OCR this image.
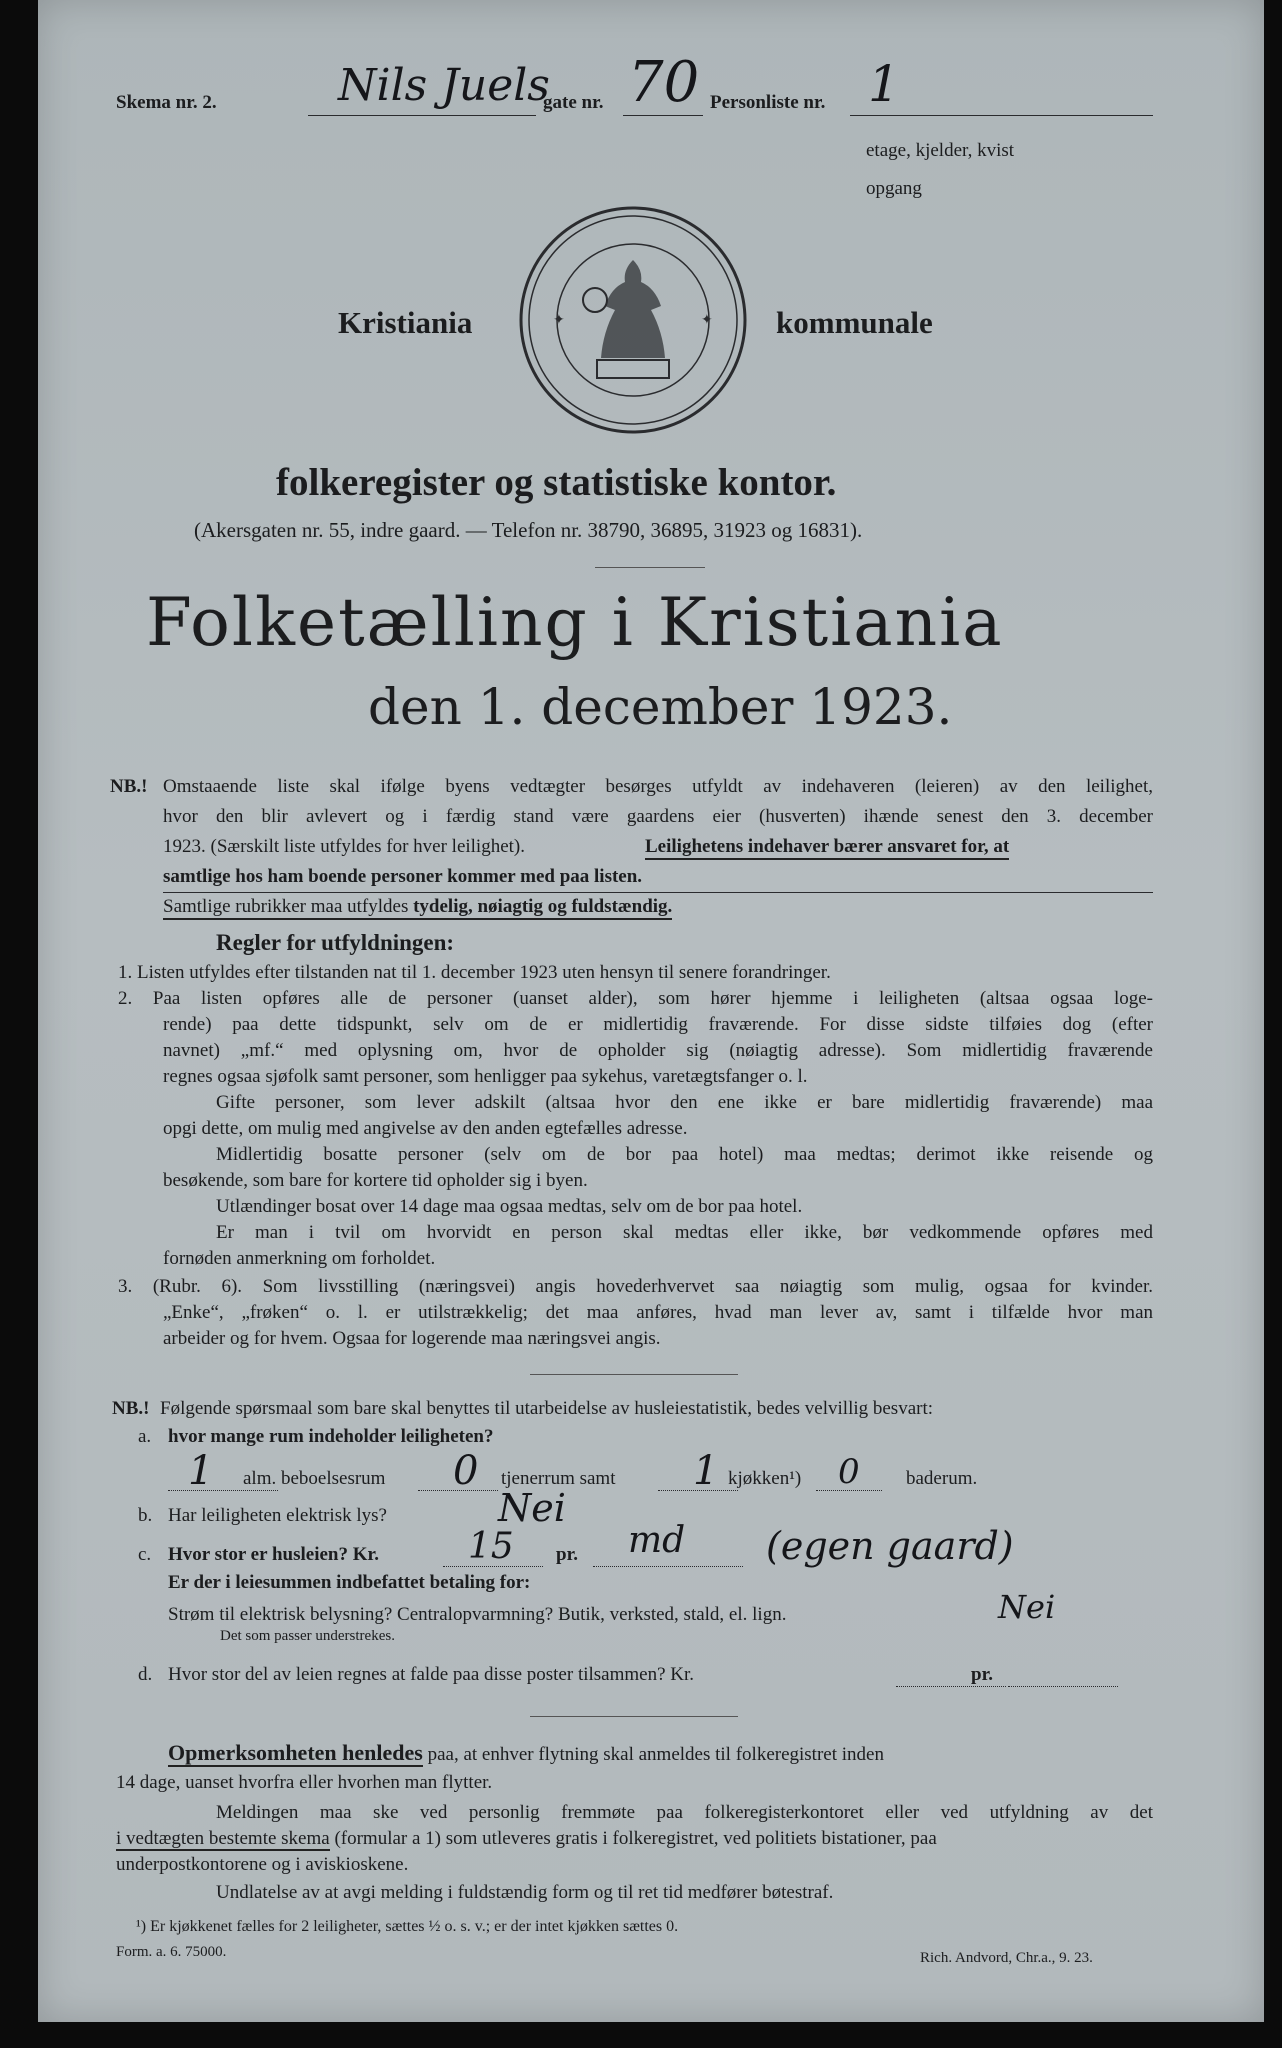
Skema nr. 2.	Nils Juels
gate nr. 70 Personliste nr. 1
etage, kjelder, kvist
opgang
✦	✦
Kristiania	kommunale
folkeregister og statistiske kontor.
(Akersgaten nr. 55, indre gaard. — Telefon nr. 38790, 36895, 31923 og 16831).
Folketælling i Kristiania
den 1. december 1923.
NB.! Omstaaende liste skal ifølge byens vedtægter besørges utfyldt av indehaveren (leieren) av den leilighet,
hvor den blir avlevert og i færdig stand være gaardens eier (husverten) ihænde senest den 3. december
1923. (Særskilt liste utfyldes for hver leilighet).	Leilighetens indehaver bærer ansvaret for, at
samtlige hos ham boende personer kommer med paa listen.
Samtlige rubrikker maa utfyldes tydelig, nøiagtig og fuldstændig.
Regler for utfyldningen:
1. Listen utfyldes efter tilstanden nat til 1. december 1923 uten hensyn til senere forandringer.
2. Paa listen opføres alle de personer (uanset alder), som hører hjemme i leiligheten (altsaa ogsaa loge-
rende) paa dette tidspunkt, selv om de er midlertidig fraværende. For disse sidste tilføies dog (efter
navnet) „mf.“ med oplysning om, hvor de opholder sig (nøiagtig adresse). Som midlertidig fraværende
regnes ogsaa sjøfolk samt personer, som henligger paa sykehus, varetægtsfanger o. l.
Gifte personer, som lever adskilt (altsaa hvor den ene ikke er bare midlertidig fraværende) maa
opgi dette, om mulig med angivelse av den anden egtefælles adresse.
Midlertidig bosatte personer (selv om de bor paa hotel) maa medtas; derimot ikke reisende og
besøkende, som bare for kortere tid opholder sig i byen.
Utlændinger bosat over 14 dage maa ogsaa medtas, selv om de bor paa hotel.
Er man i tvil om hvorvidt en person skal medtas eller ikke, bør vedkommende opføres med
fornøden anmerkning om forholdet.
3. (Rubr. 6). Som livsstilling (næringsvei) angis hovederhvervet saa nøiagtig som mulig, ogsaa for kvinder.
„Enke“, „frøken“ o. l. er utilstrækkelig; det maa anføres, hvad man lever av, samt i tilfælde hvor man
arbeider og for hvem. Ogsaa for logerende maa næringsvei angis.
NB.! Følgende spørsmaal som bare skal benyttes til utarbeidelse av husleiestatistik, bedes velvillig besvart:
a. hvor mange rum indeholder leiligheten?
1 alm. beboelsesrum 0 tjenerrum samt 1 kjøkken¹) 0 baderum.
b. Har leiligheten elektrisk lys?	Nei
c. Hvor stor er husleien? Kr. 15 pr. md (egen gaard)
Er der i leiesummen indbefattet betaling for:
Strøm til elektrisk belysning? Centralopvarmning? Butik, verksted, stald, el. lign.	Nei
Det som passer understrekes.
d. Hvor stor del av leien regnes at falde paa disse poster tilsammen? Kr.	pr.
Opmerksomheten henledes paa, at enhver flytning skal anmeldes til folkeregistret inden
14 dage, uanset hvorfra eller hvorhen man flytter.
Meldingen maa ske ved personlig fremmøte paa folkeregisterkontoret eller ved utfyldning av det
i vedtægten bestemte skema (formular a 1) som utleveres gratis i folkeregistret, ved politiets bistationer, paa
underpostkontorene og i aviskioskene.
Undlatelse av at avgi melding i fuldstændig form og til ret tid medfører bøtestraf.
¹) Er kjøkkenet fælles for 2 leiligheter, sættes ½ o. s. v.; er der intet kjøkken sættes 0.
Form. a. 6. 75000.	Rich. Andvord, Chr.a., 9. 23.
